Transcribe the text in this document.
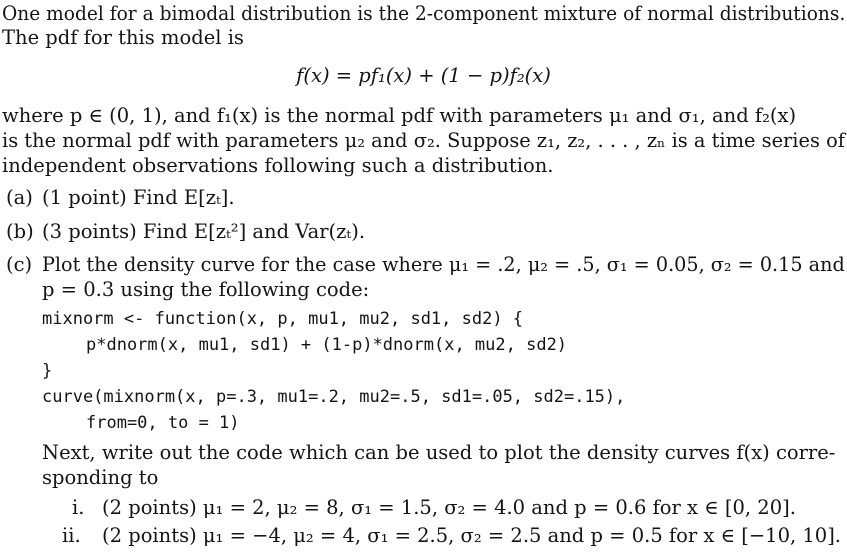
One model for a bimodal distribution is the 2-component mixture of normal distributions.
The pdf for this model is
f(x) = pf₁(x) + (1 − p)f₂(x)
where p ∈ (0, 1), and f₁(x) is the normal pdf with parameters μ₁ and σ₁, and f₂(x)
is the normal pdf with parameters μ₂ and σ₂. Suppose z₁, z₂, . . . , zₙ is a time series of
independent observations following such a distribution.
(a) (1 point) Find E[zₜ].
(b) (3 points) Find E[zₜ²] and Var(zₜ).
(c) Plot the density curve for the case where μ₁ = .2, μ₂ = .5, σ₁ = 0.05, σ₂ = 0.15 and
p = 0.3 using the following code:
mixnorm <- function(x, p, mu1, mu2, sd1, sd2) {
p*dnorm(x, mu1, sd1) + (1-p)*dnorm(x, mu2, sd2)
}
curve(mixnorm(x, p=.3, mu1=.2, mu2=.5, sd1=.05, sd2=.15),
from=0, to = 1)
Next, write out the code which can be used to plot the density curves f(x) corre-
sponding to
i. (2 points) μ₁ = 2, μ₂ = 8, σ₁ = 1.5, σ₂ = 4.0 and p = 0.6 for x ∈ [0, 20].
ii. (2 points) μ₁ = −4, μ₂ = 4, σ₁ = 2.5, σ₂ = 2.5 and p = 0.5 for x ∈ [−10, 10].
